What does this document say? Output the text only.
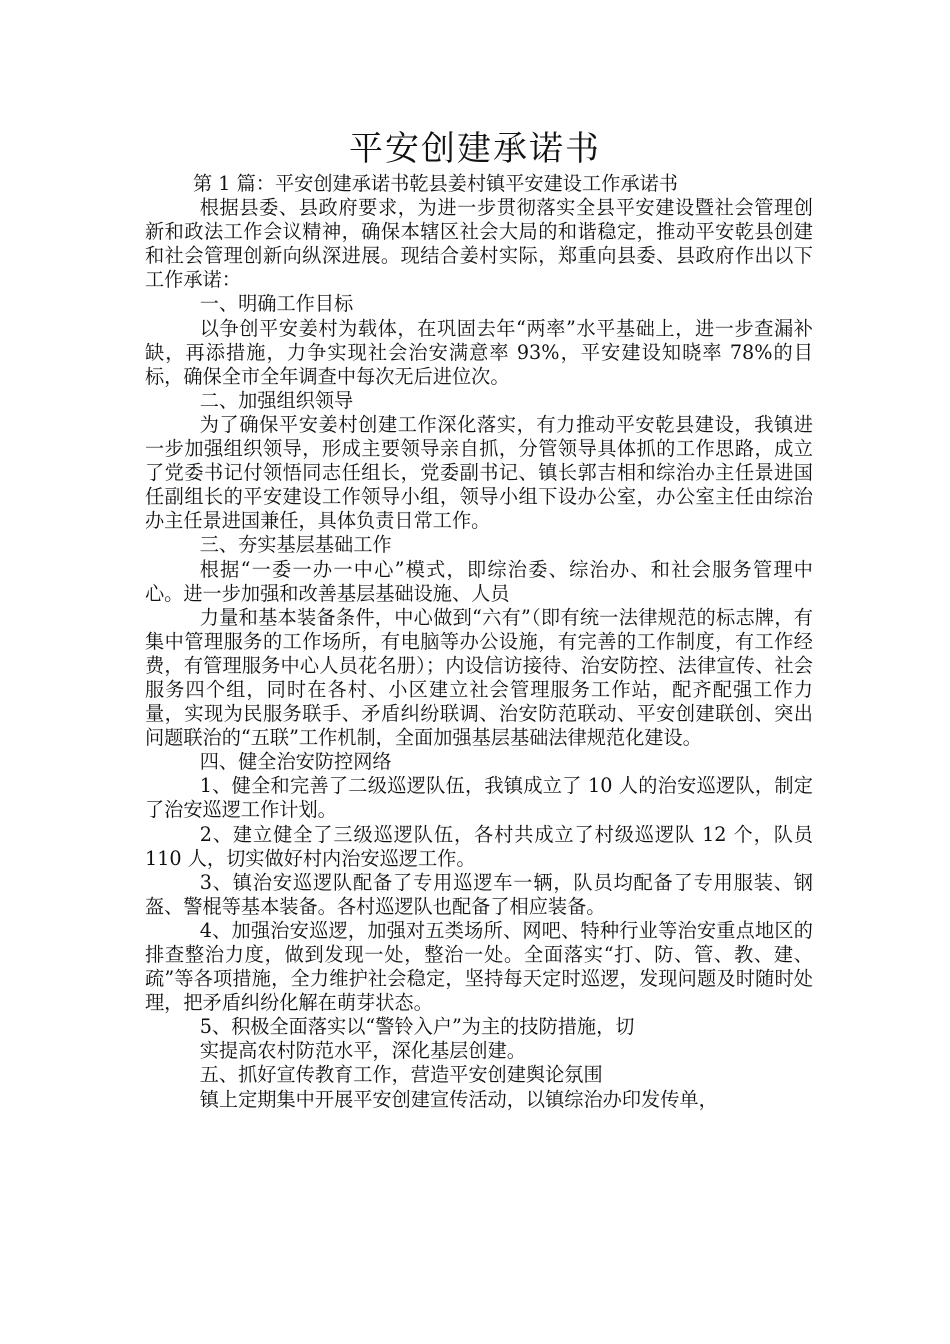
平安创建承诺书

第 1 篇：平安创建承诺书乾县姜村镇平安建设工作承诺书

根据县委、县政府要求，为进一步贯彻落实全县平安建设暨社会管理创新和政法工作会议精神，确保本辖区社会大局的和谐稳定，推动平安乾县创建和社会管理创新向纵深进展。现结合姜村实际，郑重向县委、县政府作出以下工作承诺：

一、明确工作目标

以争创平安姜村为载体，在巩固去年“两率”水平基础上，进一步查漏补缺，再添措施，力争实现社会治安满意率 93%，平安建设知晓率 78%的目标，确保全市全年调查中每次无后进位次。

二、加强组织领导

为了确保平安姜村创建工作深化落实，有力推动平安乾县建设，我镇进一步加强组织领导，形成主要领导亲自抓，分管领导具体抓的工作思路，成立了党委书记付领悟同志任组长，党委副书记、镇长郭吉相和综治办主任景进国任副组长的平安建设工作领导小组，领导小组下设办公室，办公室主任由综治办主任景进国兼任，具体负责日常工作。

三、夯实基层基础工作

根据“一委一办一中心”模式，即综治委、综治办、和社会服务管理中心。进一步加强和改善基层基础设施、人员

力量和基本装备条件，中心做到“六有”（即有统一法律规范的标志牌，有集中管理服务的工作场所，有电脑等办公设施，有完善的工作制度，有工作经费，有管理服务中心人员花名册）；内设信访接待、治安防控、法律宣传、社会服务四个组，同时在各村、小区建立社会管理服务工作站，配齐配强工作力量，实现为民服务联手、矛盾纠纷联调、治安防范联动、平安创建联创、突出问题联治的“五联”工作机制，全面加强基层基础法律规范化建设。

四、健全治安防控网络

1、健全和完善了二级巡逻队伍，我镇成立了 10 人的治安巡逻队，制定了治安巡逻工作计划。

2、建立健全了三级巡逻队伍，各村共成立了村级巡逻队 12 个，队员 110 人，切实做好村内治安巡逻工作。

3、镇治安巡逻队配备了专用巡逻车一辆，队员均配备了专用服装、钢盔、警棍等基本装备。各村巡逻队也配备了相应装备。

4、加强治安巡逻，加强对五类场所、网吧、特种行业等治安重点地区的排查整治力度，做到发现一处，整治一处。全面落实“打、防、管、教、建、疏”等各项措施，全力维护社会稳定，坚持每天定时巡逻，发现问题及时随时处理，把矛盾纠纷化解在萌芽状态。

5、积极全面落实以“警铃入户”为主的技防措施，切

实提高农村防范水平，深化基层创建。

五、抓好宣传教育工作，营造平安创建舆论氛围

镇上定期集中开展平安创建宣传活动，以镇综治办印发传单，
